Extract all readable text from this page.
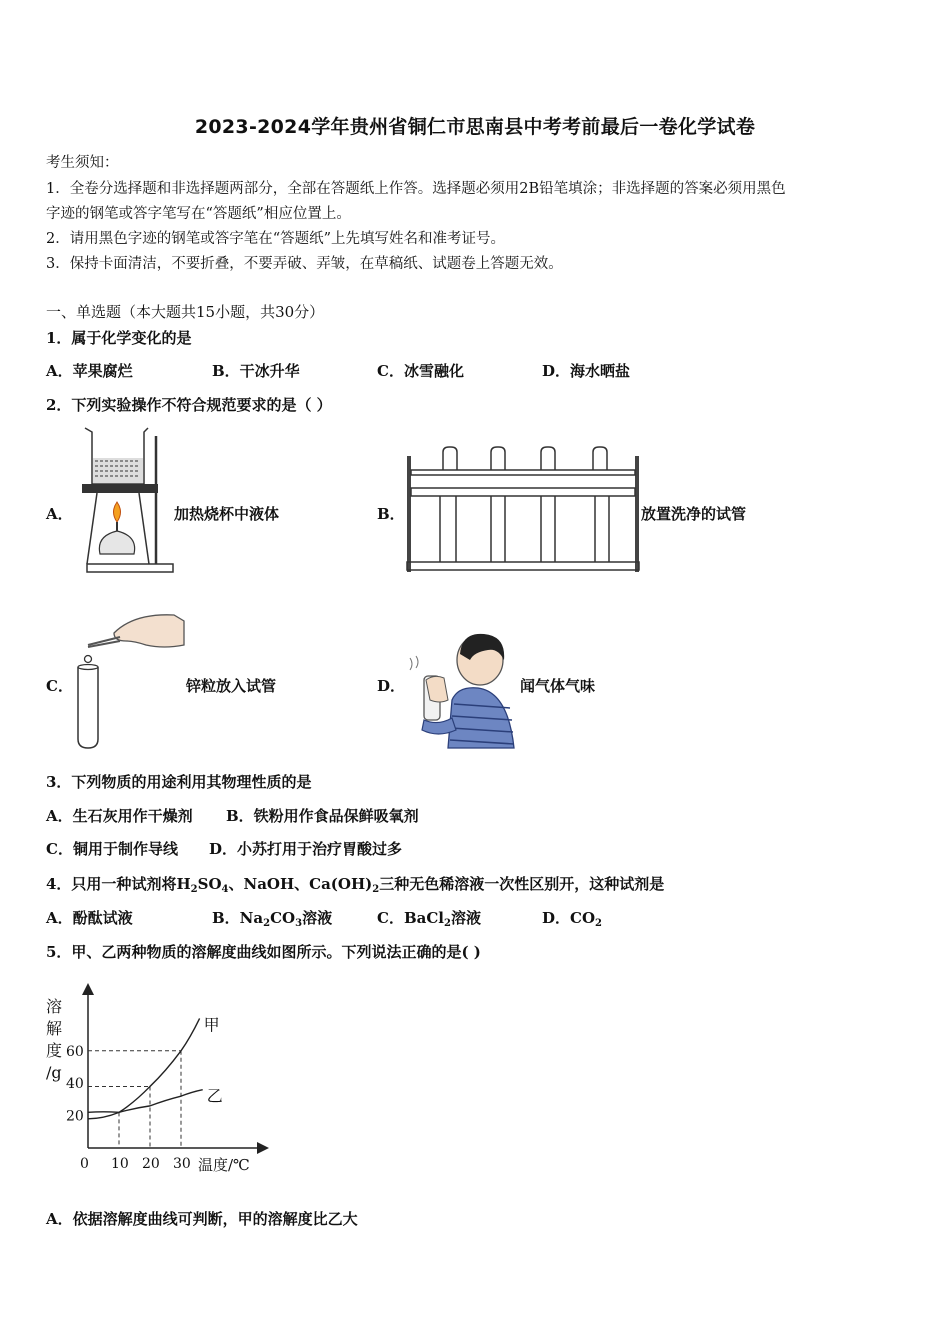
2023-2024学年贵州省铜仁市思南县中考考前最后一卷化学试卷
考生须知：
1．全卷分选择题和非选择题两部分，全部在答题纸上作答。选择题必须用2B铅笔填涂；非选择题的答案必须用黑色
字迹的钢笔或答字笔写在“答题纸”相应位置上。
2．请用黑色字迹的钢笔或答字笔在“答题纸”上先填写姓名和准考证号。
3．保持卡面清洁，不要折叠，不要弄破、弄皱，在草稿纸、试题卷上答题无效。
一、单选题（本大题共15小题，共30分）
1．属于化学变化的是
A．苹果腐烂	B．干冰升华	C．冰雪融化	D．海水晒盐
2．下列实验操作不符合规范要求的是（ ）
A．	加热烧杯中液体	B．	放置洗净的试管
C．	锌粒放入试管	D．	闻气体气味
3．下列物质的用途利用其物理性质的是
A．生石灰用作干燥剂 B．铁粉用作食品保鲜吸氧剂
C．铜用于制作导线 D．小苏打用于治疗胃酸过多
4．只用一种试剂将$H_2SO_4$、NaOH、$Ca(OH)_2$三种无色稀溶液一次性区别开，这种试剂是
A．酚酞试液	B．$Na_2CO_3$溶液	C．BaCl$_2$溶液	D．$CO_2$
5．甲、乙两种物质的溶解度曲线如图所示。下列说法正确的是( )
甲
乙
0 10 20 30
20
40
60
溶
解
度
/g
温度/℃
A．依据溶解度曲线可判断，甲的溶解度比乙大
